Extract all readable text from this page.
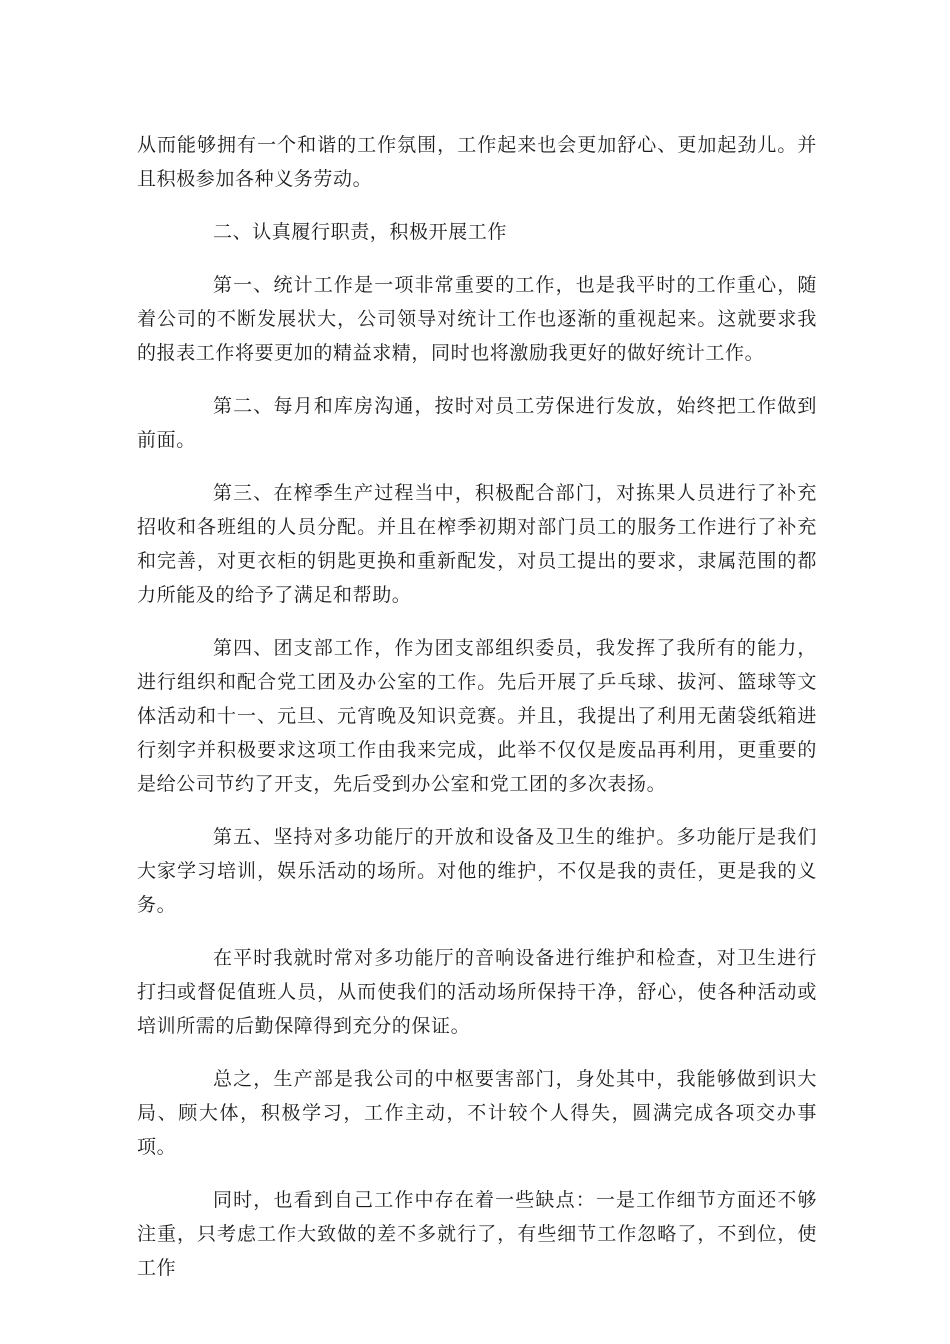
从而能够拥有一个和谐的工作氛围，工作起来也会更加舒心、更加起劲儿。并且积极参加各种义务劳动。

二、认真履行职责，积极开展工作

第一、统计工作是一项非常重要的工作，也是我平时的工作重心，随着公司的不断发展状大，公司领导对统计工作也逐渐的重视起来。这就要求我的报表工作将要更加的精益求精，同时也将激励我更好的做好统计工作。

第二、每月和库房沟通，按时对员工劳保进行发放，始终把工作做到前面。

第三、在榨季生产过程当中，积极配合部门，对拣果人员进行了补充招收和各班组的人员分配。并且在榨季初期对部门员工的服务工作进行了补充和完善，对更衣柜的钥匙更换和重新配发，对员工提出的要求，隶属范围的都力所能及的给予了满足和帮助。

第四、团支部工作，作为团支部组织委员，我发挥了我所有的能力，进行组织和配合党工团及办公室的工作。先后开展了乒乓球、拔河、篮球等文体活动和十一、元旦、元宵晚及知识竞赛。并且，我提出了利用无菌袋纸箱进行刻字并积极要求这项工作由我来完成，此举不仅仅是废品再利用，更重要的是给公司节约了开支，先后受到办公室和党工团的多次表扬。

第五、坚持对多功能厅的开放和设备及卫生的维护。多功能厅是我们大家学习培训，娱乐活动的场所。对他的维护，不仅是我的责任，更是我的义务。

在平时我就时常对多功能厅的音响设备进行维护和检查，对卫生进行打扫或督促值班人员，从而使我们的活动场所保持干净，舒心，使各种活动或培训所需的后勤保障得到充分的保证。

总之，生产部是我公司的中枢要害部门，身处其中，我能够做到识大局、顾大体，积极学习，工作主动，不计较个人得失，圆满完成各项交办事项。

同时，也看到自己工作中存在着一些缺点：一是工作细节方面还不够注重，只考虑工作大致做的差不多就行了，有些细节工作忽略了，不到位，使工作
